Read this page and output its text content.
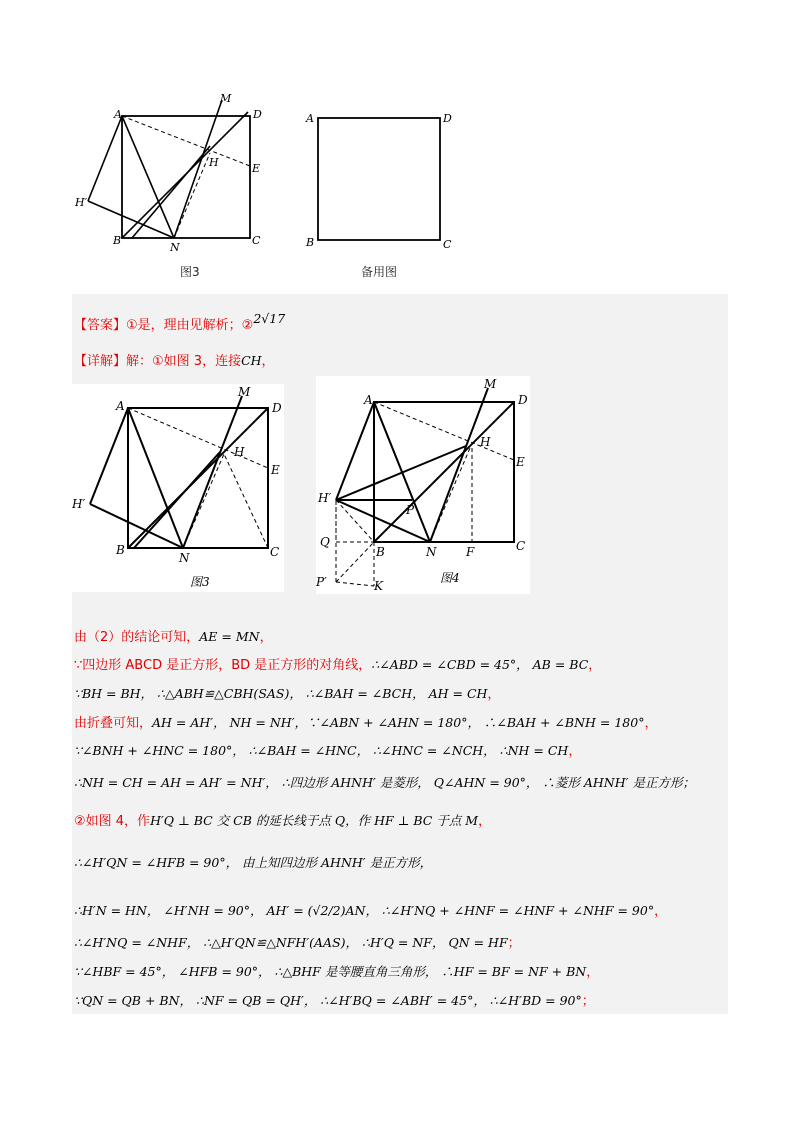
A
M
D
H	E
H′
B
N
C
图3
A	D
B	C
备用图
【答案】①是，理由见解析；②2√17
【详解】解：①如图 3，连接CH，
A
M
D
H
E
H′
B
N	C
图3
A
M
D
H
E
H′
P
Q
B	N F	C
P′	K
图4
由（2）的结论可知，AE = MN，
∵四边形 ABCD 是正方形，BD 是正方形的对角线，∴∠ABD = ∠CBD = 45°， AB = BC，
∵BH = BH， ∴△ABH≌△CBH(SAS)， ∴∠BAH = ∠BCH， AH = CH，
由折叠可知，AH = AH′， NH = NH′，∵∠ABN + ∠AHN = 180°， ∴∠BAH + ∠BNH = 180°，
∵∠BNH + ∠HNC = 180°， ∴∠BAH = ∠HNC， ∴∠HNC = ∠NCH， ∴NH = CH，
∴NH = CH = AH = AH′ = NH′， ∴四边形 AHNH′ 是菱形， Q∠AHN = 90°， ∴菱形 AHNH′ 是正方形；
②如图 4，作H′Q ⊥ BC 交 CB 的延长线于点 Q，作 HF ⊥ BC 于点 M，
∴∠H′QN = ∠HFB = 90°， 由上知四边形 AHNH′ 是正方形，
∴H′N = HN， ∠H′NH = 90°， AH′ = (√2/2)AN， ∴∠H′NQ + ∠HNF = ∠HNF + ∠NHF = 90°，
∴∠H′NQ = ∠NHF， ∴△H′QN≌△NFH′(AAS)， ∴H′Q = NF， QN = HF；
∵∠HBF = 45°， ∠HFB = 90°， ∴△BHF 是等腰直角三角形， ∴HF = BF = NF + BN，
∵QN = QB + BN， ∴NF = QB = QH′， ∴∠H′BQ = ∠ABH′ = 45°， ∴∠H′BD = 90°；
